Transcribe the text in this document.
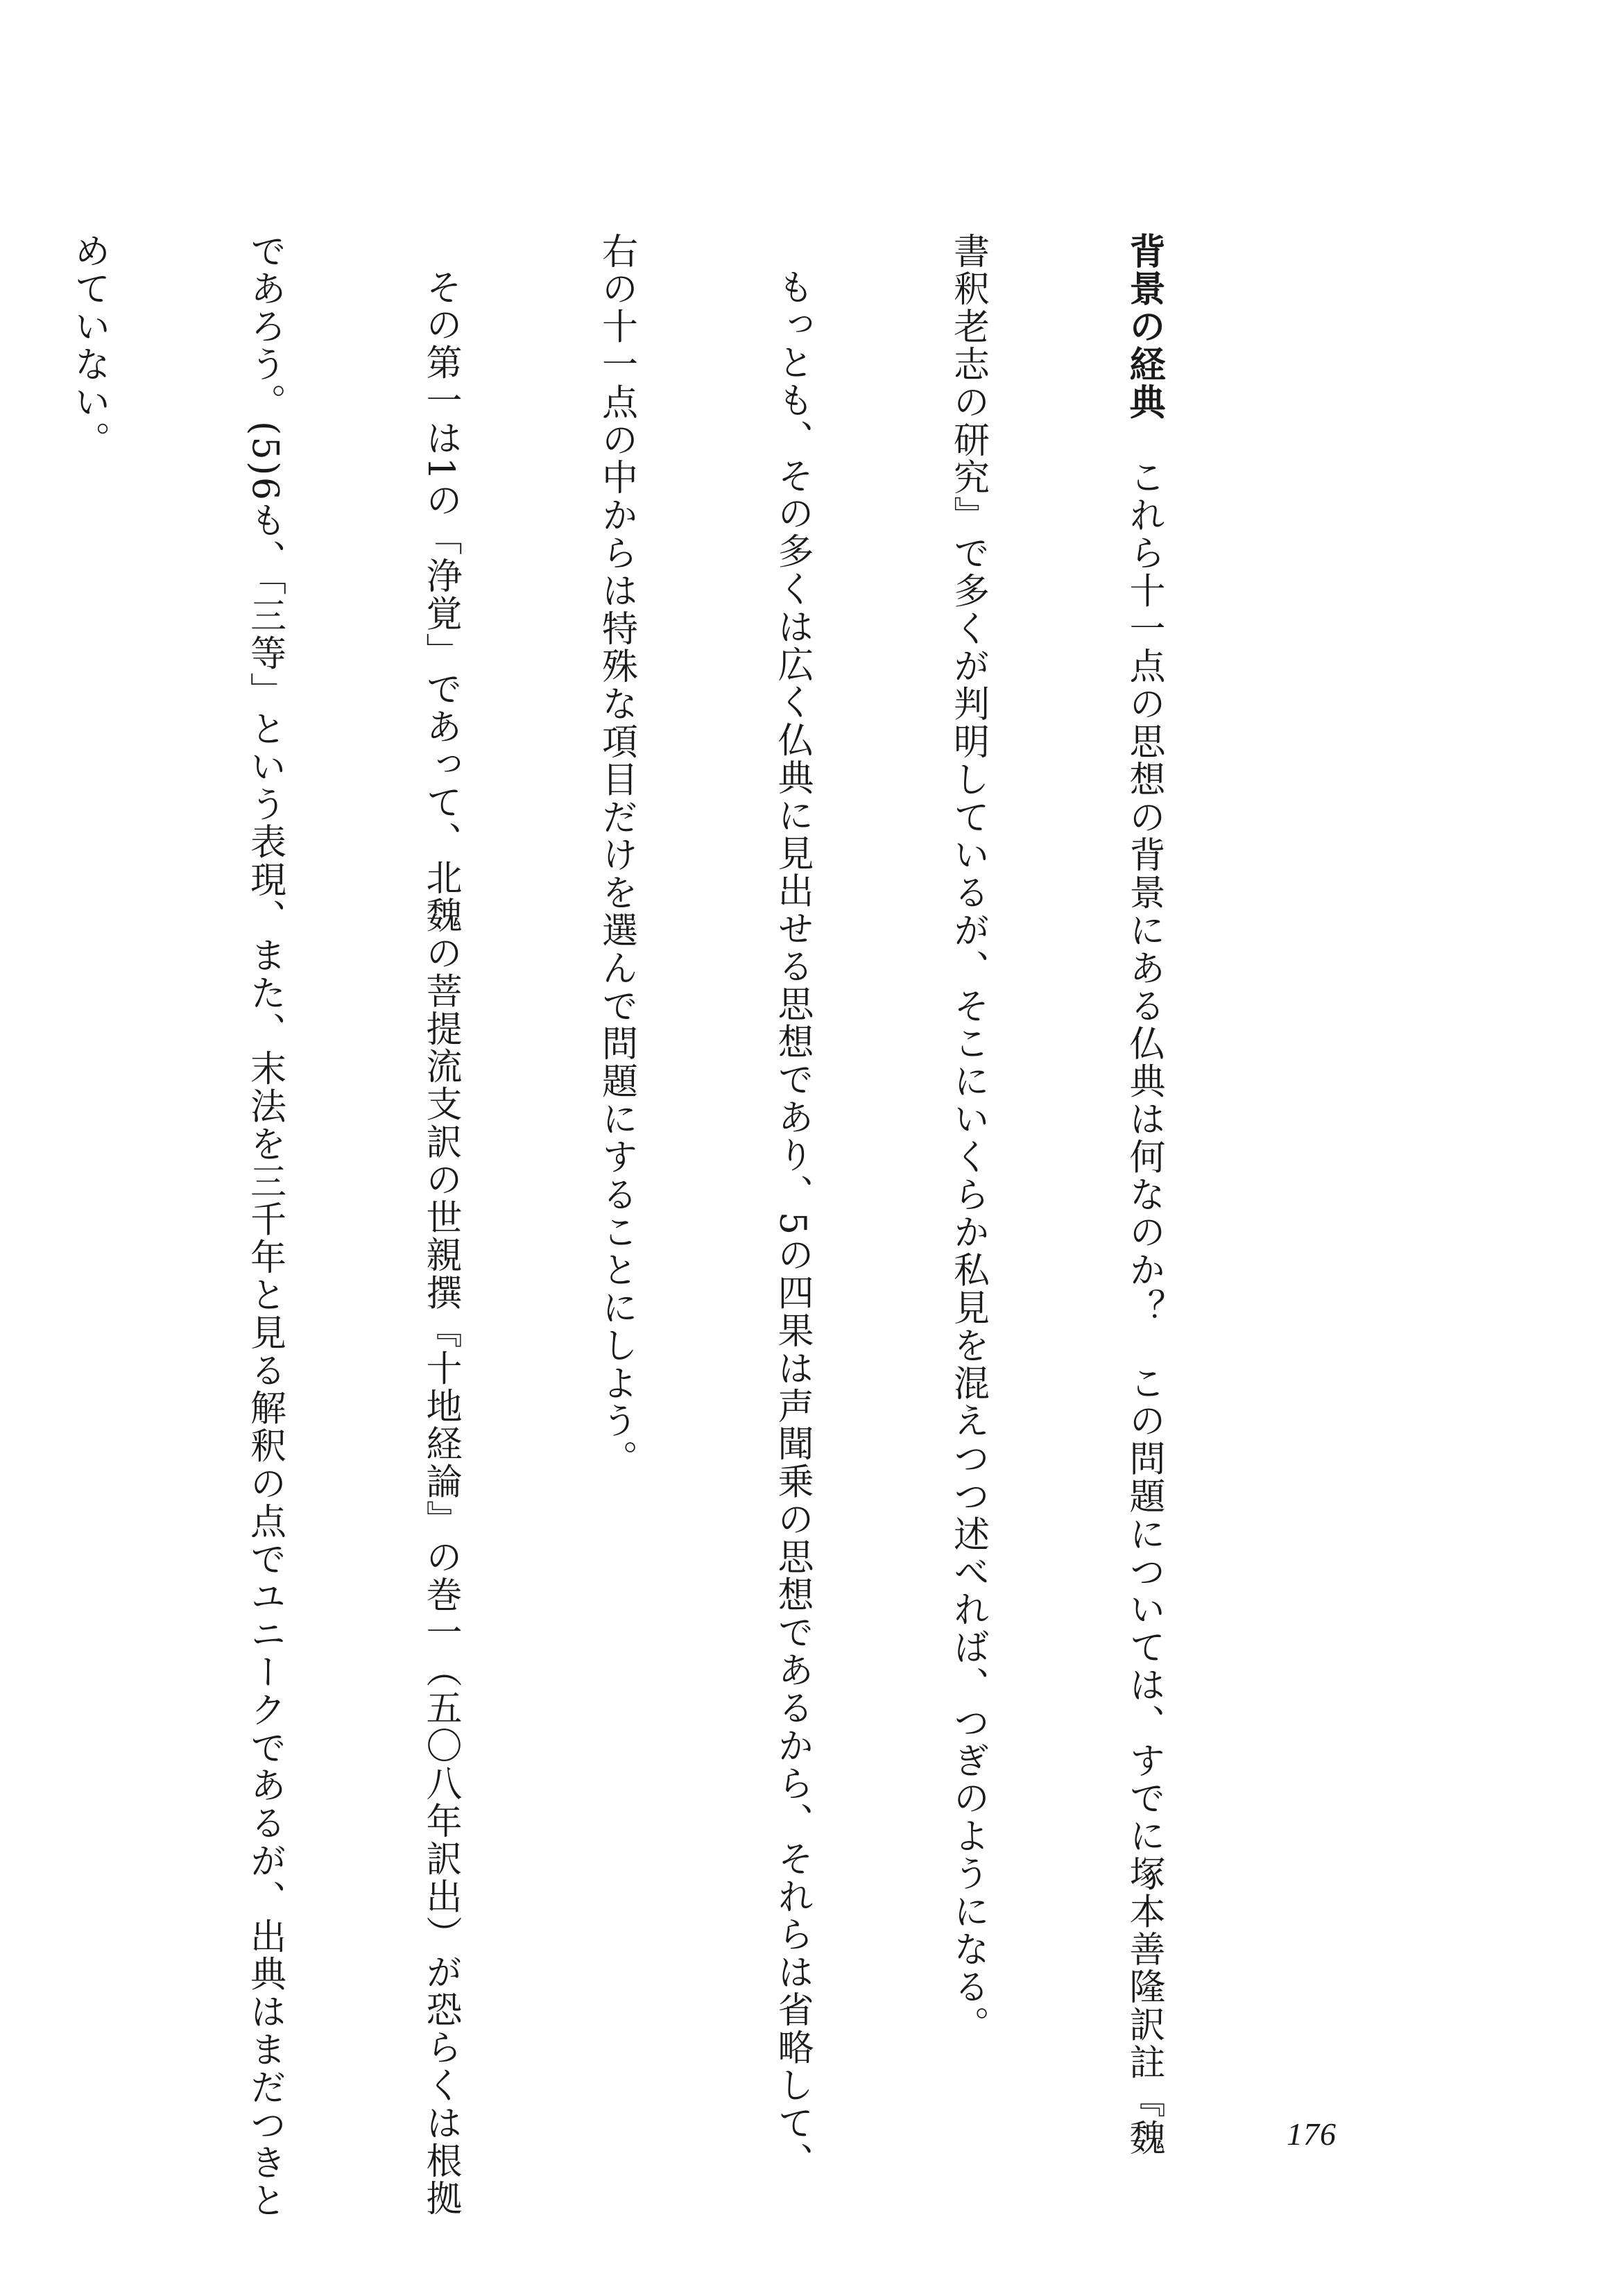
背景の経典　これら十一点の思想の背景にある仏典は何なのか？　この問題については、すでに塚本善隆訳註『魏

書釈老志の研究』で多くが判明しているが、そこにいくらか私見を混えつつ述べれば、つぎのようになる。

もっとも、その多くは広く仏典に見出せる思想であり、5の四果は声聞乗の思想であるから、それらは省略して、

右の十一点の中からは特殊な項目だけを選んで問題にすることにしよう。

その第一は1の「浄覚」であって、北魏の菩提流支訳の世親撰『十地経論』の巻一（五〇八年訳出）が恐らくは根拠

であろう。(5)6も、「三等」という表現、また、末法を三千年と見る解釈の点でユニークであるが、出典はまだつきと

めていない。

176
